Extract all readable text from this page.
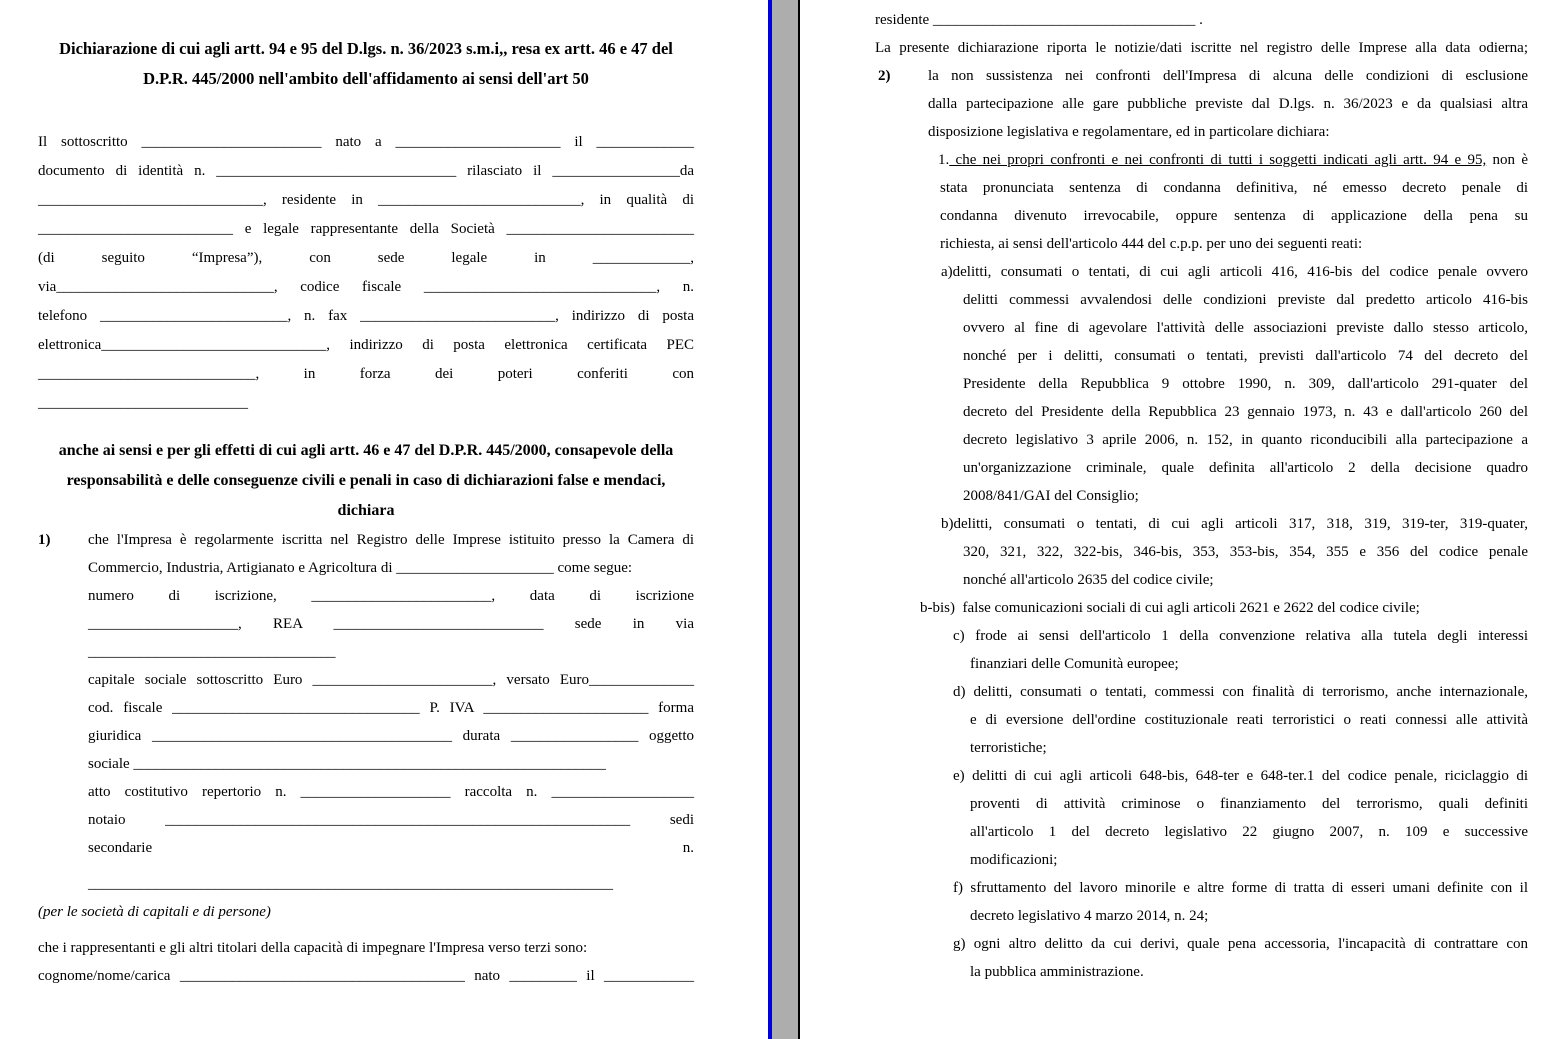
Dichiarazione di cui agli artt. 94 e 95 del D.lgs. n. 36/2023 s.m.i,, resa ex artt. 46 e 47 del
D.P.R. 445/2000 nell'ambito dell'affidamento ai sensi dell'art 50
Il sottoscritto ________________________ nato a ______________________ il _____________
documento di identità n. ________________________________ rilasciato il _________________da
______________________________, residente in ___________________________, in qualità di
__________________________ e legale rappresentante della Società _________________________
(di seguito “Impresa”), con sede legale in _____________,
via_____________________________, codice fiscale _______________________________, n.
telefono _________________________, n. fax __________________________, indirizzo di posta
elettronica______________________________, indirizzo di posta elettronica certificata PEC
_____________________________, in forza dei poteri conferiti con
____________________________
anche ai sensi e per gli effetti di cui agli artt. 46 e 47 del D.P.R. 445/2000, consapevole della
responsabilità e delle conseguenze civili e penali in caso di dichiarazioni false e mendaci,
dichiara
1)	che l'Impresa è regolarmente iscritta nel Registro delle Imprese istituito presso la Camera di
Commercio, Industria, Artigianato e Agricoltura di _____________________ come segue:
numero di iscrizione, ________________________, data di iscrizione
____________________, REA ____________________________ sede in via
_________________________________
capitale sociale sottoscritto Euro ________________________, versato Euro______________
cod. fiscale _________________________________ P. IVA ______________________ forma
giuridica ________________________________________ durata _________________ oggetto
sociale _______________________________________________________________
atto costitutivo repertorio n. ____________________ raccolta n. ___________________
notaio ______________________________________________________________ sedi
secondarie n.
______________________________________________________________________
(per le società di capitali e di persone)
che i rappresentanti e gli altri titolari della capacità di impegnare l'Impresa verso terzi sono:
cognome/nome/carica ______________________________________ nato _________ il ____________
residente ___________________________________ .
La presente dichiarazione riporta le notizie/dati iscritte nel registro delle Imprese alla data odierna;
2)	la non sussistenza nei confronti dell'Impresa di alcuna delle condizioni di esclusione
dalla partecipazione alle gare pubbliche previste dal D.lgs. n. 36/2023 e da qualsiasi altra
disposizione legislativa e regolamentare, ed in particolare dichiara:
1. che nei propri confronti e nei confronti di tutti i soggetti indicati agli artt. 94 e 95, non è
stata pronunciata sentenza di condanna definitiva, né emesso decreto penale di
condanna divenuto irrevocabile, oppure sentenza di applicazione della pena su
richiesta, ai sensi dell'articolo 444 del c.p.p. per uno dei seguenti reati:
a)delitti, consumati o tentati, di cui agli articoli 416, 416-bis del codice penale ovvero
delitti commessi avvalendosi delle condizioni previste dal predetto articolo 416-bis
ovvero al fine di agevolare l'attività delle associazioni previste dallo stesso articolo,
nonché per i delitti, consumati o tentati, previsti dall'articolo 74 del decreto del
Presidente della Repubblica 9 ottobre 1990, n. 309, dall'articolo 291-quater del
decreto del Presidente della Repubblica 23 gennaio 1973, n. 43 e dall'articolo 260 del
decreto legislativo 3 aprile 2006, n. 152, in quanto riconducibili alla partecipazione a
un'organizzazione criminale, quale definita all'articolo 2 della decisione quadro
2008/841/GAI del Consiglio;
b)delitti, consumati o tentati, di cui agli articoli 317, 318, 319, 319-ter, 319-quater,
320, 321, 322, 322-bis, 346-bis, 353, 353-bis, 354, 355 e 356 del codice penale
nonché all'articolo 2635 del codice civile;
b-bis)  false comunicazioni sociali di cui agli articoli 2621 e 2622 del codice civile;
c) frode ai sensi dell'articolo 1 della convenzione relativa alla tutela degli interessi
finanziari delle Comunità europee;
d) delitti, consumati o tentati, commessi con finalità di terrorismo, anche internazionale,
e di eversione dell'ordine costituzionale reati terroristici o reati connessi alle attività
terroristiche;
e) delitti di cui agli articoli 648-bis, 648-ter e 648-ter.1 del codice penale, riciclaggio di
proventi di attività criminose o finanziamento del terrorismo, quali definiti
all'articolo 1 del decreto legislativo 22 giugno 2007, n. 109 e successive
modificazioni;
f) sfruttamento del lavoro minorile e altre forme di tratta di esseri umani definite con il
decreto legislativo 4 marzo 2014, n. 24;
g) ogni altro delitto da cui derivi, quale pena accessoria, l'incapacità di contrattare con
la pubblica amministrazione.
